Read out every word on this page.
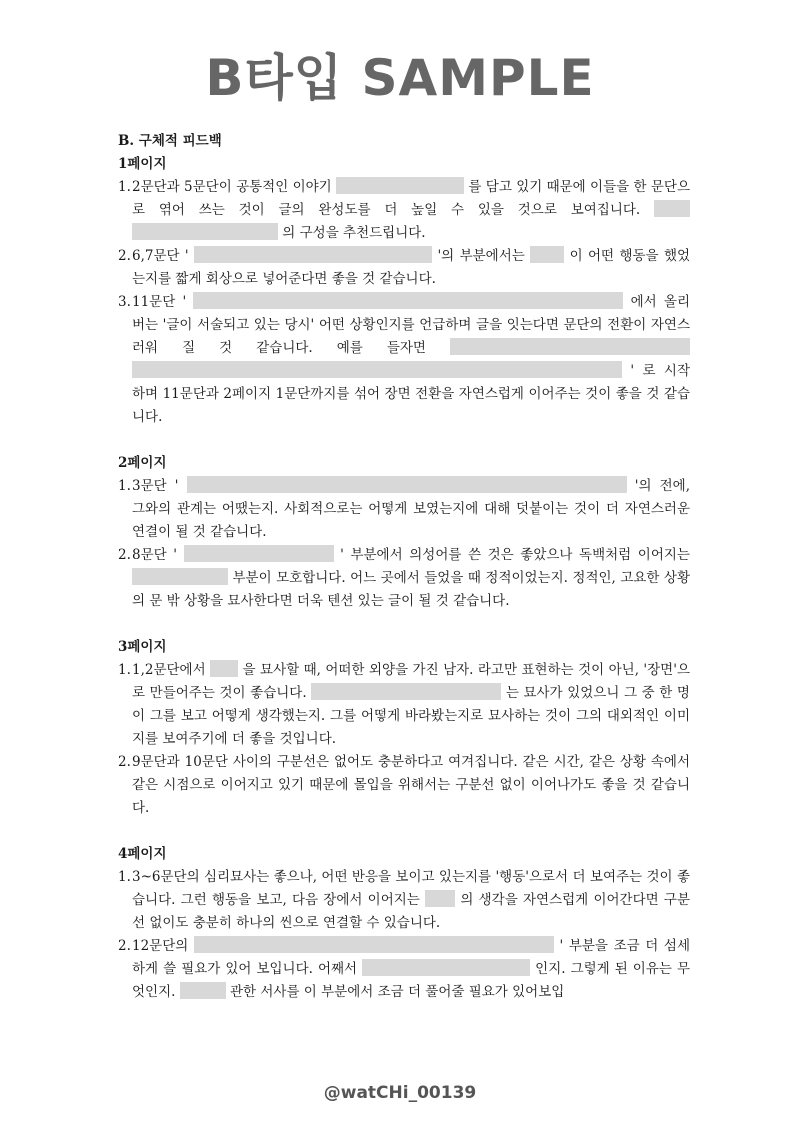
B타입 SAMPLE
B. 구체적 피드백
1페이지
1. 2문단과 5문단이 공통적인 이야기	를 담고 있기 때문에 이들을 한 문단으로 엮어 쓰는 것이 글의 완성도를 더 높일 수 있을 것으로 보여집니다.   의 구성을 추천드립니다.
2. 6,7문단 '	'의 부분에서는	이 어떤 행동을 했었는지를 짧게 회상으로 넣어준다면 좋을 것 같습니다.
3. 11문단 '	에서 올리버는 '글이 서술되고 있는 당시' 어떤 상황인지를 언급하며 글을 잇는다면 문단의 전환이 자연스러워 질 것 같습니다. 예를 들자면   ' 로 시작하며 11문단과 2페이지 1문단까지를 섞어 장면 전환을 자연스럽게 이어주는 것이 좋을 것 같습니다.
2페이지
1. 3문단 '	'의 전에, 그와의 관계는 어땠는지. 사회적으로는 어떻게 보였는지에 대해 덧붙이는 것이 더 자연스러운 연결이 될 것 같습니다.
2. 8문단 '	' 부분에서 의성어를 쓴 것은 좋았으나 독백처럼 이어지는  부분이 모호합니다. 어느 곳에서 들었을 때 정적이었는지. 정적인, 고요한 상황의 문 밖 상황을 묘사한다면 더욱 텐션 있는 글이 될 것 같습니다.
3페이지
1. 1,2문단에서	을 묘사할 때, 어떠한 외양을 가진 남자. 라고만 표현하는 것이 아닌, '장면'으로 만들어주는 것이 좋습니다.	는 묘사가 있었으니 그 중 한 명이 그를 보고 어떻게 생각했는지. 그를 어떻게 바라봤는지로 묘사하는 것이 그의 대외적인 이미지를 보여주기에 더 좋을 것입니다.
2. 9문단과 10문단 사이의 구분선은 없어도 충분하다고 여겨집니다. 같은 시간, 같은 상황 속에서 같은 시점으로 이어지고 있기 때문에 몰입을 위해서는 구분선 없이 이어나가도 좋을 것 같습니다.
4페이지
1. 3~6문단의 심리묘사는 좋으나, 어떤 반응을 보이고 있는지를 '행동'으로서 더 보여주는 것이 좋습니다. 그런 행동을 보고, 다음 장에서 이어지는	의 생각을 자연스럽게 이어간다면 구분선 없이도 충분히 하나의 씬으로 연결할 수 있습니다.
2. 12문단의	' 부분을 조금 더 섬세하게 쓸 필요가 있어 보입니다. 어째서	인지. 그렇게 된 이유는 무엇인지.	관한 서사를 이 부분에서 조금 더 풀어줄 필요가 있어보입
@watCHi_00139
